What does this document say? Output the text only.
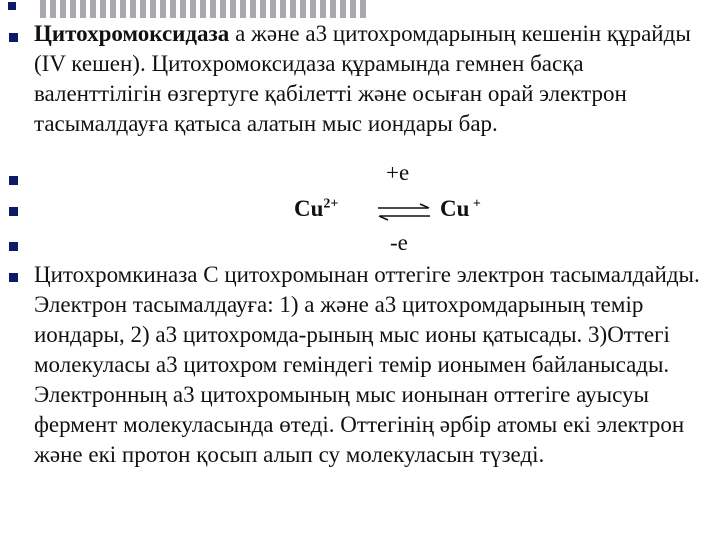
Цитохромоксидаза а және а3 цитохромдарының кешенін құрайды (IV кешен). Цитохромоксидаза құрамында гемнен басқа валенттілігін өзгертуге қабілетті және осыған орай электрон тасымалдауға қатыса алатын мыс иондары бар.

+e
$Cu^{2+}$ ⇌ Cu +
-e

Цитохромкиназа С цитохромынан оттегіге электрон тасымалдайды. Электрон тасымалдауға: 1) а және а3 цитохромдарының темір иондары, 2) а3 цитохромда-рының мыс ионы қатысады. 3)Оттегі молекуласы а3 цитохром геміндегі темір ионымен байланысады. Электронның а3 цитохромының мыс ионынан оттегіге ауысуы фермент молекуласында өтеді. Оттегінің әрбір атомы екі электрон және екі протон қосып алып су молекуласын түзеді.
